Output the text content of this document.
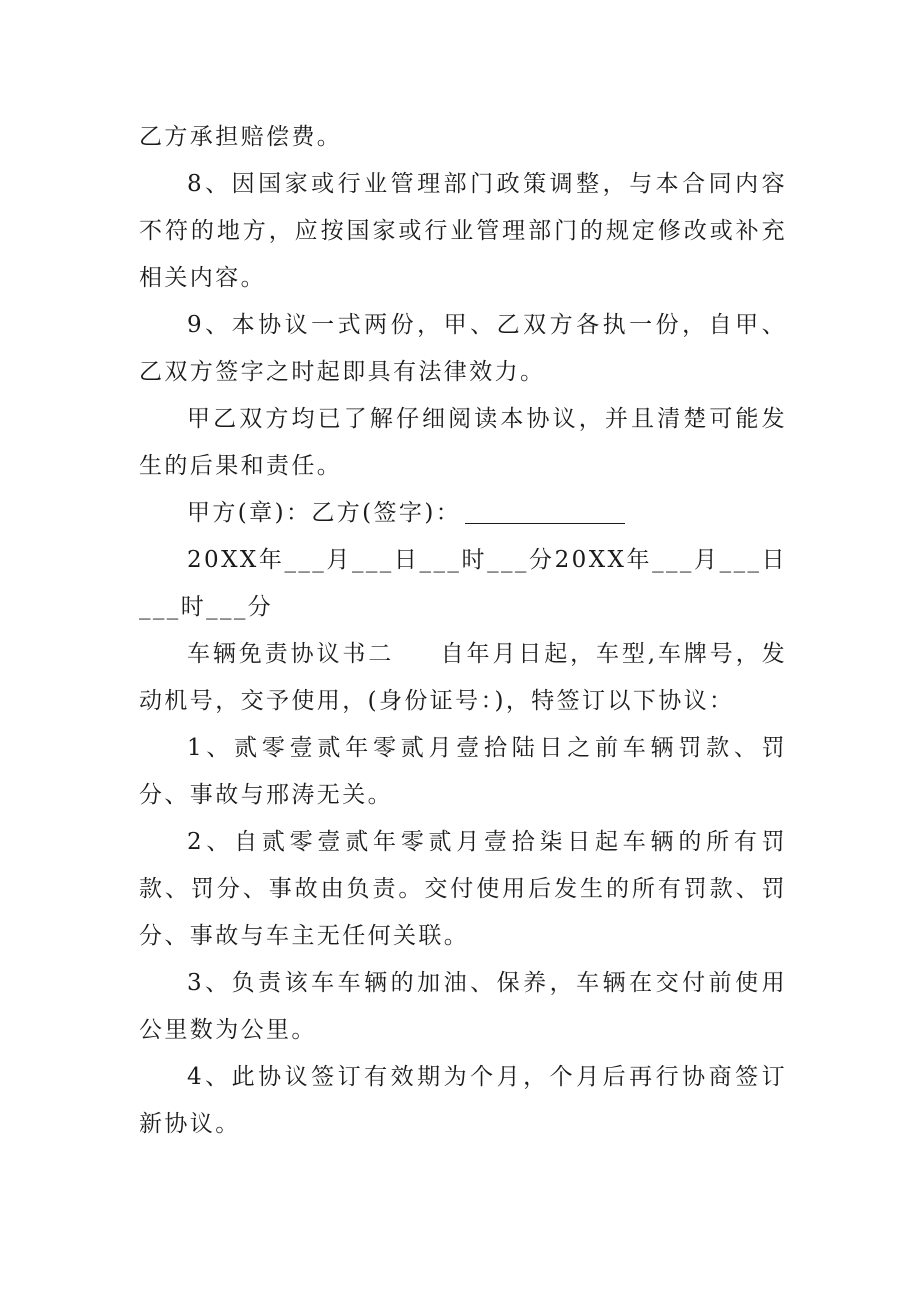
乙方承担赔偿费。

8、因国家或行业管理部门政策调整，与本合同内容不符的地方，应按国家或行业管理部门的规定修改或补充相关内容。

9、本协议一式两份，甲、乙双方各执一份，自甲、乙双方签字之时起即具有法律效力。

甲乙双方均已了解仔细阅读本协议，并且清楚可能发生的后果和责任。

甲方(章)：乙方(签字)：

20XX年___月___日___时___分20XX年___月___日___时___分

车辆免责协议书二 自年月日起，车型,车牌号，发动机号，交予使用，(身份证号：)，特签订以下协议：

1、贰零壹贰年零贰月壹拾陆日之前车辆罚款、罚分、事故与邢涛无关。

2、自贰零壹贰年零贰月壹拾柒日起车辆的所有罚款、罚分、事故由负责。交付使用后发生的所有罚款、罚分、事故与车主无任何关联。

3、负责该车车辆的加油、保养，车辆在交付前使用公里数为公里。

4、此协议签订有效期为个月，个月后再行协商签订新协议。
